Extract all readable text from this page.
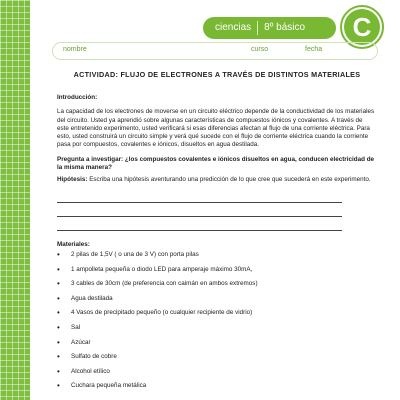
ciencias	8º básico	C
nombre	curso	fecha
ACTIVIDAD: FLUJO DE ELECTRONES A TRAVÉS DE DISTINTOS MATERIALES
Introducción:
La capacidad de los electrones de moverse en un circuito eléctrico depende de la conductividad de los materiales del circuito. Usted ya aprendió sobre algunas características de compuestos iónicos y covalentes. A través de este entretenido experimento, usted verificará si esas diferencias afectan al flujo de una corriente eléctrica. Para esto, usted construirá un circuito simple y verá qué sucede con el flujo de corriente eléctrica cuando la corriente pasa por compuestos, covalentes e iónicos, disueltos en agua destilada.
Pregunta a investigar: ¿los compuestos covalentes e iónicos disueltos en agua, conducen electricidad de la misma manera?
Hipótesis: Escriba una hipótesis aventurando una predicción de lo que cree que sucederá en este experimento.
Materiales:
• 2 pilas de 1,5V ( o una de 3 V) con porta pilas
• 1 ampolleta pequeña o diodo LED para amperaje máximo 30mA,
• 3 cables de 30cm (de preferencia con caimán en ambos extremos)
• Agua destilada
• 4 Vasos de precipitado pequeño (o cualquier recipiente de vidrio)
• Sal
• Azúcar
• Sulfato de cobre
• Alcohol etílico
• Cuchara pequeña metálica
